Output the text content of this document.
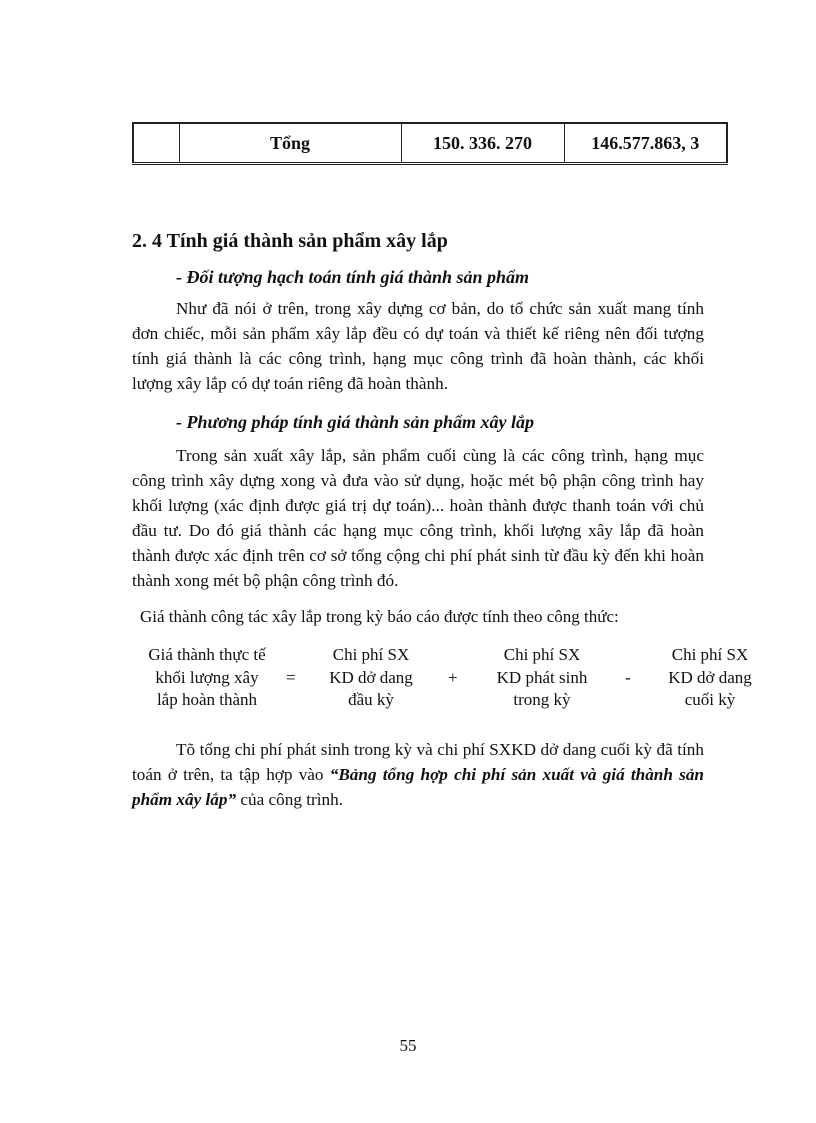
	Tổng	150. 336. 270	146.577.863, 3
2. 4 Tính giá thành sản phẩm xây lắp

- Đối tượng hạch toán tính giá thành sản phẩm

Như đã nói ở trên, trong xây dựng cơ bản, do tổ chức sản xuất mang tính đơn chiếc, mỗi sản phẩm xây lắp đều có dự toán và thiết kế riêng nên đối tượng tính giá thành là các công trình, hạng mục công trình đã hoàn thành, các khối lượng xây lắp có dự toán riêng đã hoàn thành.

- Phương pháp tính giá thành sản phẩm xây lắp

Trong sản xuất xây lắp, sản phẩm cuối cùng là các công trình, hạng mục công trình xây dựng xong và đưa vào sử dụng, hoặc mét bộ phận công trình hay khối lượng (xác định được giá trị dự toán)... hoàn thành được thanh toán với chủ đầu tư. Do đó giá thành các hạng mục công trình, khối lượng xây lắp đã hoàn thành được xác định trên cơ sở tổng cộng chi phí phát sinh từ đầu kỳ đến khi hoàn thành xong mét bộ phận công trình đó.

Giá thành công tác xây lắp trong kỳ báo cáo được tính theo công thức:

Giá thành thực tế
khối lượng xây
lắp hoàn thành
=
Chi phí SX
KD dở dang
đầu kỳ
+
Chi phí SX
KD phát sinh
trong kỳ
-
Chi phí SX
KD dở dang
cuối kỳ

Tõ tổng chi phí phát sinh trong kỳ và chi phí SXKD dở dang cuối kỳ đã tính toán ở trên, ta tập hợp vào “Bảng tổng hợp chi phí sản xuất và giá thành sản phẩm xây lắp” của công trình.

55
